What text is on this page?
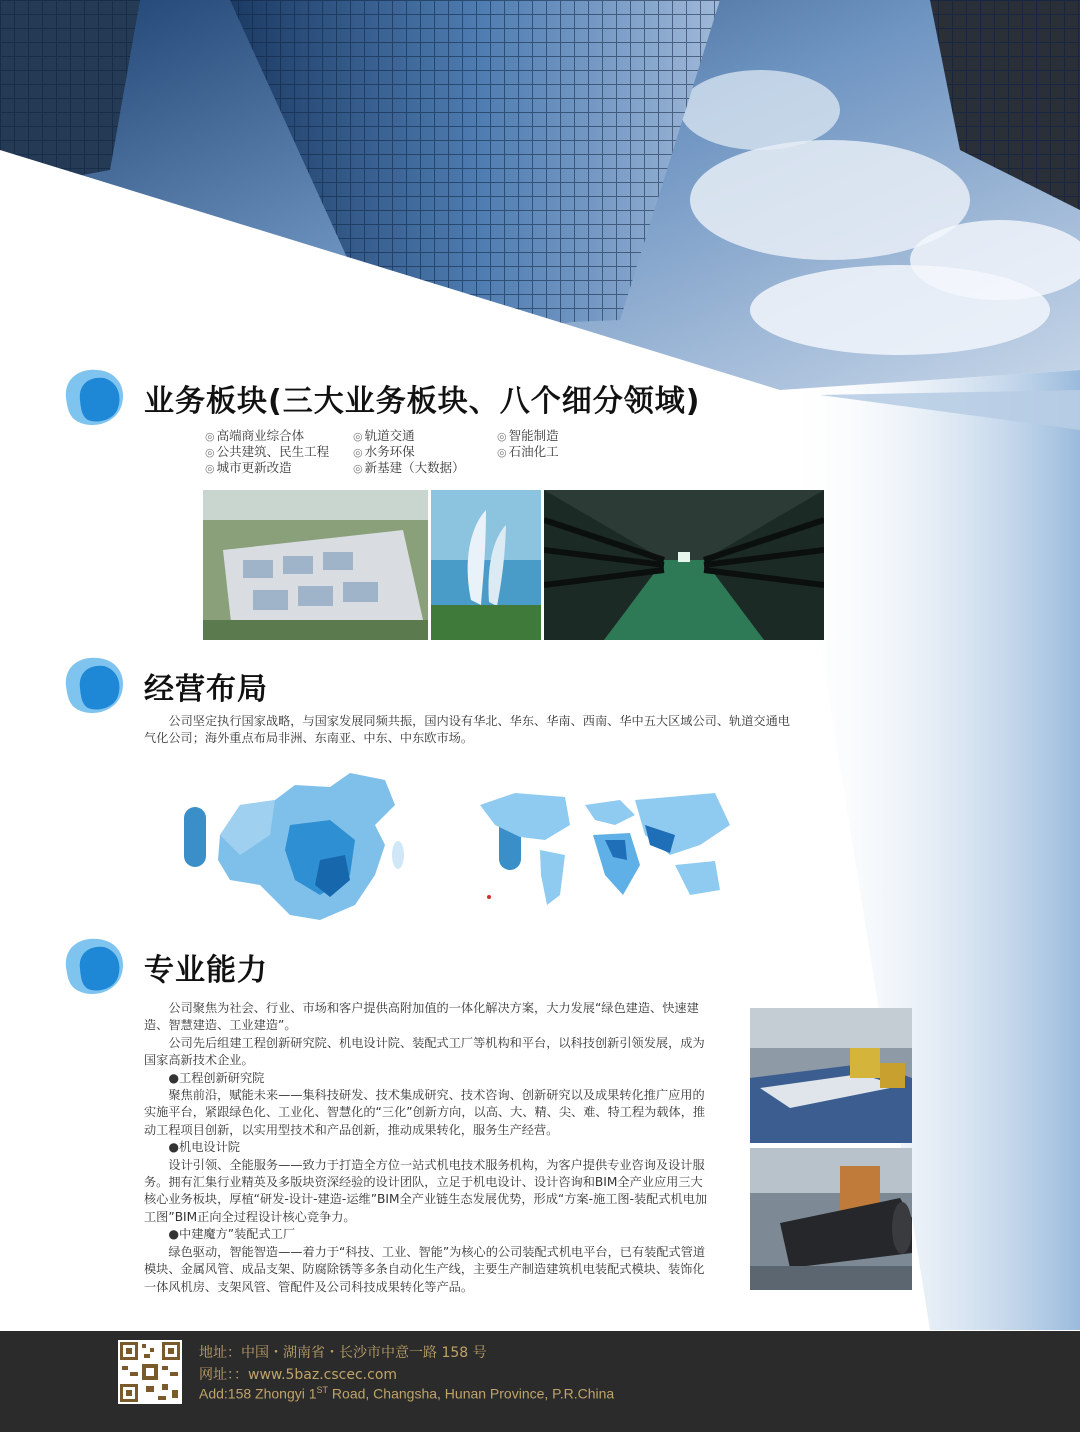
业务板块(三大业务板块、八个细分领域)
◎ 高端商业综合体
◎ 公共建筑、民生工程
◎ 城市更新改造
◎ 轨道交通
◎ 水务环保
◎ 新基建（大数据）
◎ 智能制造
◎ 石油化工
经营布局

公司坚定执行国家战略，与国家发展同频共振，国内设有华北、华东、华南、西南、华中五大区域公司、轨道交通电气化公司；海外重点布局非洲、东南亚、中东、中东欧市场。

专业能力

公司聚焦为社会、行业、市场和客户提供高附加值的一体化解决方案，大力发展“绿色建造、快速建造、智慧建造、工业建造”。

公司先后组建工程创新研究院、机电设计院、装配式工厂等机构和平台，以科技创新引领发展，成为国家高新技术企业。

●工程创新研究院

聚焦前沿，赋能未来——集科技研发、技术集成研究、技术咨询、创新研究以及成果转化推广应用的实施平台，紧跟绿色化、工业化、智慧化的“三化”创新方向，以高、大、精、尖、难、特工程为载体，推动工程项目创新，以实用型技术和产品创新，推动成果转化，服务生产经营。

●机电设计院

设计引领、全能服务——致力于打造全方位一站式机电技术服务机构，为客户提供专业咨询及设计服务。拥有汇集行业精英及多版块资深经验的设计团队，立足于机电设计、设计咨询和BIM全产业应用三大核心业务板块，厚植“研发-设计-建造-运维”BIM全产业链生态发展优势，形成“方案-施工图-装配式机电加工图”BIM正向全过程设计核心竞争力。

●中建魔方”装配式工厂

绿色驱动，智能智造——着力于“科技、工业、智能”为核心的公司装配式机电平台，已有装配式管道模块、金属风管、成品支架、防腐除锈等多条自动化生产线，主要生产制造建筑机电装配式模块、装饰化一体风机房、支架风管、管配件及公司科技成果转化等产品。

地址：中国・湖南省・长沙市中意一路 158 号
网址：：www.5baz.cscec.com
Add:158 Zhongyi 1ST Road, Changsha, Hunan Province, P.R.China
